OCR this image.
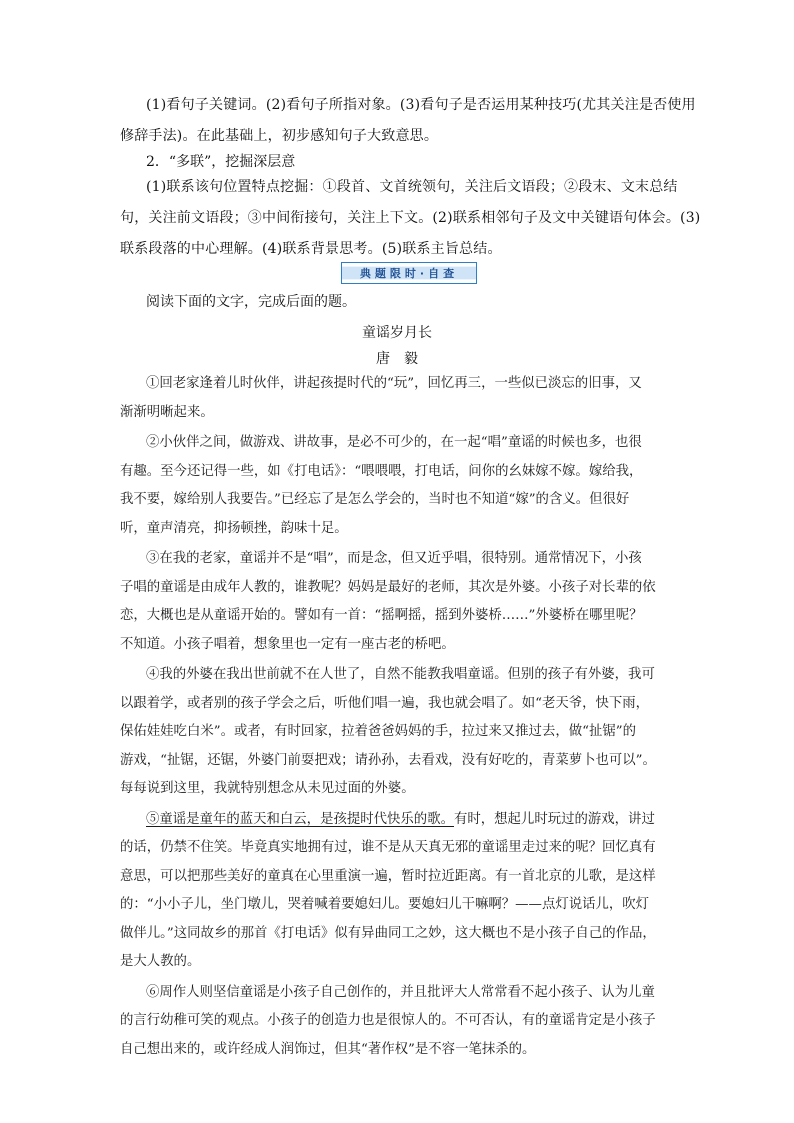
(1)看句子关键词。(2)看句子所指对象。(3)看句子是否运用某种技巧(尤其关注是否使用
修辞手法)。在此基础上，初步感知句子大致意思。
2．“多联”，挖掘深层意
(1)联系该句位置特点挖掘：①段首、文首统领句，关注后文语段；②段末、文末总结
句，关注前文语段；③中间衔接句，关注上下文。(2)联系相邻句子及文中关键语句体会。(3)
联系段落的中心理解。(4)联系背景思考。(5)联系主旨总结。
典题限时·自查
阅读下面的文字，完成后面的题。
童谣岁月长
唐　毅
①回老家逢着儿时伙伴，讲起孩提时代的“玩”，回忆再三，一些似已淡忘的旧事，又
渐渐明晰起来。
②小伙伴之间，做游戏、讲故事，是必不可少的，在一起“唱”童谣的时候也多，也很
有趣。至今还记得一些，如《打电话》：“喂喂喂，打电话，问你的幺妹嫁不嫁。嫁给我，
我不要，嫁给别人我要告。”已经忘了是怎么学会的，当时也不知道“嫁”的含义。但很好
听，童声清亮，抑扬顿挫，韵味十足。
③在我的老家，童谣并不是“唱”，而是念，但又近乎唱，很特别。通常情况下，小孩
子唱的童谣是由成年人教的，谁教呢？妈妈是最好的老师，其次是外婆。小孩子对长辈的依
恋，大概也是从童谣开始的。譬如有一首：“摇啊摇，摇到外婆桥……”外婆桥在哪里呢？
不知道。小孩子唱着，想象里也一定有一座古老的桥吧。
④我的外婆在我出世前就不在人世了，自然不能教我唱童谣。但别的孩子有外婆，我可
以跟着学，或者别的孩子学会之后，听他们唱一遍，我也就会唱了。如“老天爷，快下雨，
保佑娃娃吃白米”。或者，有时回家，拉着爸爸妈妈的手，拉过来又推过去，做“扯锯”的
游戏，“扯锯，还锯，外婆门前耍把戏；请孙孙，去看戏，没有好吃的，青菜萝卜也可以”。
每每说到这里，我就特别想念从未见过面的外婆。
⑤童谣是童年的蓝天和白云，是孩提时代快乐的歌。有时，想起儿时玩过的游戏，讲过
的话，仍禁不住笑。毕竟真实地拥有过，谁不是从天真无邪的童谣里走过来的呢？回忆真有
意思，可以把那些美好的童真在心里重演一遍，暂时拉近距离。有一首北京的儿歌，是这样
的：“小小子儿，坐门墩儿，哭着喊着要媳妇儿。要媳妇儿干嘛啊？——点灯说话儿，吹灯
做伴儿。”这同故乡的那首《打电话》似有异曲同工之妙，这大概也不是小孩子自己的作品，
是大人教的。
⑥周作人则坚信童谣是小孩子自己创作的，并且批评大人常常看不起小孩子、认为儿童
的言行幼稚可笑的观点。小孩子的创造力也是很惊人的。不可否认，有的童谣肯定是小孩子
自己想出来的，或许经成人润饰过，但其“著作权”是不容一笔抹杀的。
